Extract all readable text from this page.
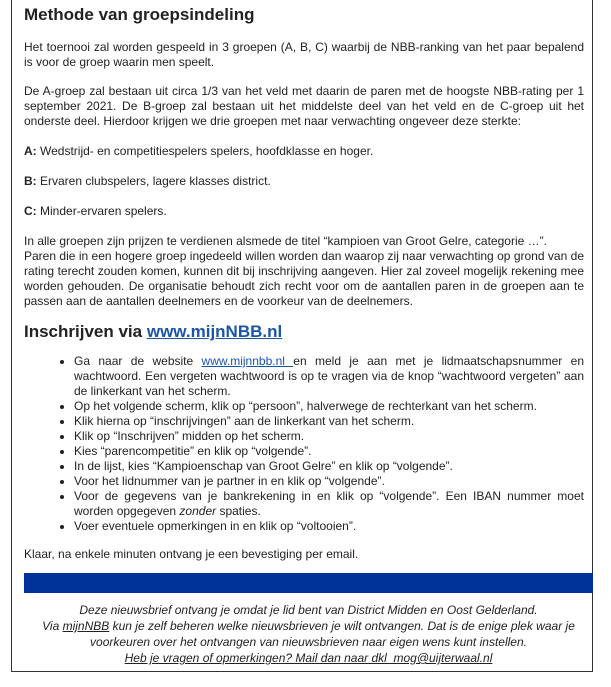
Methode van groepsindeling

Het toernooi zal worden gespeeld in 3 groepen (A, B, C) waarbij de NBB-ranking van het paar bepalend is voor de groep waarin men speelt.

De A-groep zal bestaan uit circa 1/3 van het veld met daarin de paren met de hoogste NBB-rating per 1 september 2021. De B-groep zal bestaan uit het middelste deel van het veld en de C-groep uit het onderste deel. Hierdoor krijgen we drie groepen met naar verwachting ongeveer deze sterkte:

A: Wedstrijd- en competitiespelers spelers, hoofdklasse en hoger.

B: Ervaren clubspelers, lagere klasses district.

C: Minder-ervaren spelers.

In alle groepen zijn prijzen te verdienen alsmede de titel “kampioen van Groot Gelre, categorie …”.

Paren die in een hogere groep ingedeeld willen worden dan waarop zij naar verwachting op grond van de rating terecht zouden komen, kunnen dit bij inschrijving aangeven. Hier zal zoveel mogelijk rekening mee worden gehouden. De organisatie behoudt zich recht voor om de aantallen paren in de groepen aan te passen aan de aantallen deelnemers en de voorkeur van de deelnemers.

Inschrijven via www.mijnNBB.nl
• Ga naar de website www.mijnnbb.nl en meld je aan met je lidmaatschapsnummer en wachtwoord. Een vergeten wachtwoord is op te vragen via de knop “wachtwoord vergeten” aan de linkerkant van het scherm.
• Op het volgende scherm, klik op “persoon”, halverwege de rechterkant van het scherm.
• Klik hierna op “inschrijvingen” aan de linkerkant van het scherm.
• Klik op “Inschrijven” midden op het scherm.
• Kies “parencompetitie” en klik op “volgende”.
• In de lijst, kies “Kampioenschap van Groot Gelre” en klik op “volgende”.
• Voor het lidnummer van je partner in en klik op “volgende”.
• Voor de gegevens van je bankrekening in en klik op “volgende”. Een IBAN nummer moet worden opgegeven zonder spaties.
• Voer eventuele opmerkingen in en klik op “voltooien”.

Klaar, na enkele minuten ontvang je een bevestiging per email.

Deze nieuwsbrief ontvang je omdat je lid bent van District Midden en Oost Gelderland.
Via mijnNBB kun je zelf beheren welke nieuwsbrieven je wilt ontvangen. Dat is de enige plek waar je voorkeuren over het ontvangen van nieuwsbrieven naar eigen wens kunt instellen.
Heb je vragen of opmerkingen? Mail dan naar dkl_mog@uijterwaal.nl
